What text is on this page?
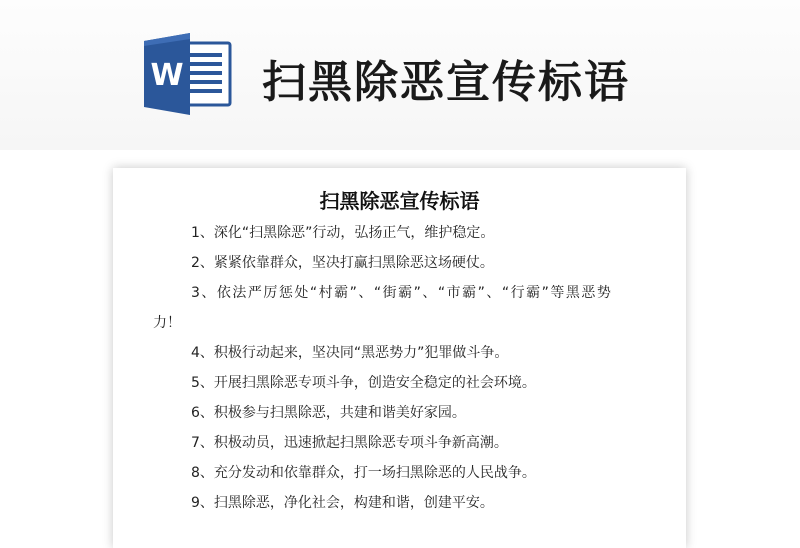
W 扫黑除恶宣传标语
扫黑除恶宣传标语
1、深化“扫黑除恶”行动，弘扬正气，维护稳定。
2、紧紧依靠群众，坚决打赢扫黑除恶这场硬仗。
3、依法严厉惩处“村霸”、“街霸”、“市霸”、“行霸”等黑恶势
力！
4、积极行动起来，坚决同“黑恶势力”犯罪做斗争。
5、开展扫黑除恶专项斗争，创造安全稳定的社会环境。
6、积极参与扫黑除恶，共建和谐美好家园。
7、积极动员，迅速掀起扫黑除恶专项斗争新高潮。
8、充分发动和依靠群众，打一场扫黑除恶的人民战争。
9、扫黑除恶，净化社会，构建和谐，创建平安。
